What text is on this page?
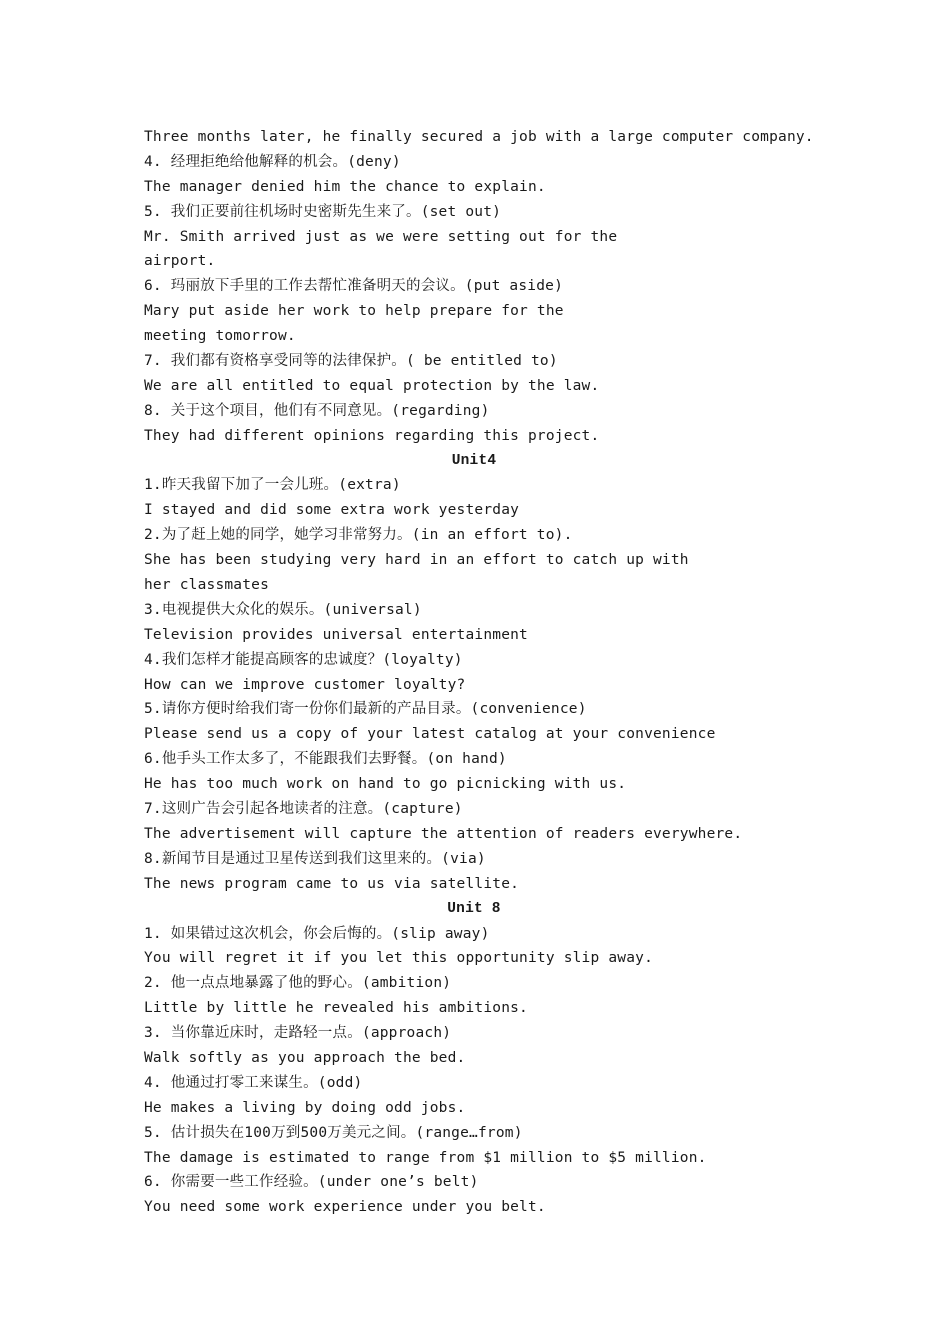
Three months later, he finally secured a job with a large computer company.
4. 经理拒绝给他解释的机会。(deny)
The manager denied him the chance to explain.
5. 我们正要前往机场时史密斯先生来了。(set out)
Mr. Smith arrived just as we were setting out for the
airport.
6. 玛丽放下手里的工作去帮忙准备明天的会议。(put aside)
Mary put aside her work to help prepare for the
meeting tomorrow.
7. 我们都有资格享受同等的法律保护。( be entitled to)
We are all entitled to equal protection by the law.
8. 关于这个项目，他们有不同意见。(regarding)
They had different opinions regarding this project.
Unit4
1.昨天我留下加了一会儿班。(extra)
I stayed and did some extra work yesterday
2.为了赶上她的同学，她学习非常努力。(in an effort to).
She has been studying very hard in an effort to catch up with
her classmates
3.电视提供大众化的娱乐。(universal)
Television provides universal entertainment
4.我们怎样才能提高顾客的忠诚度？(loyalty)
How can we improve customer loyalty?
5.请你方便时给我们寄一份你们最新的产品目录。(convenience)
Please send us a copy of your latest catalog at your convenience
6.他手头工作太多了，不能跟我们去野餐。(on hand)
He has too much work on hand to go picnicking with us.
7.这则广告会引起各地读者的注意。(capture)
The advertisement will capture the attention of readers everywhere.
8.新闻节目是通过卫星传送到我们这里来的。(via)
The news program came to us via satellite.
Unit 8
1. 如果错过这次机会，你会后悔的。(slip away)
You will regret it if you let this opportunity slip away.
2. 他一点点地暴露了他的野心。(ambition)
Little by little he revealed his ambitions.
3. 当你靠近床时，走路轻一点。(approach)
Walk softly as you approach the bed.
4. 他通过打零工来谋生。(odd)
He makes a living by doing odd jobs.
5. 估计损失在100万到500万美元之间。(range…from)
The damage is estimated to range from $1 million to $5 million.
6. 你需要一些工作经验。(under one’s belt)
You need some work experience under you belt.
